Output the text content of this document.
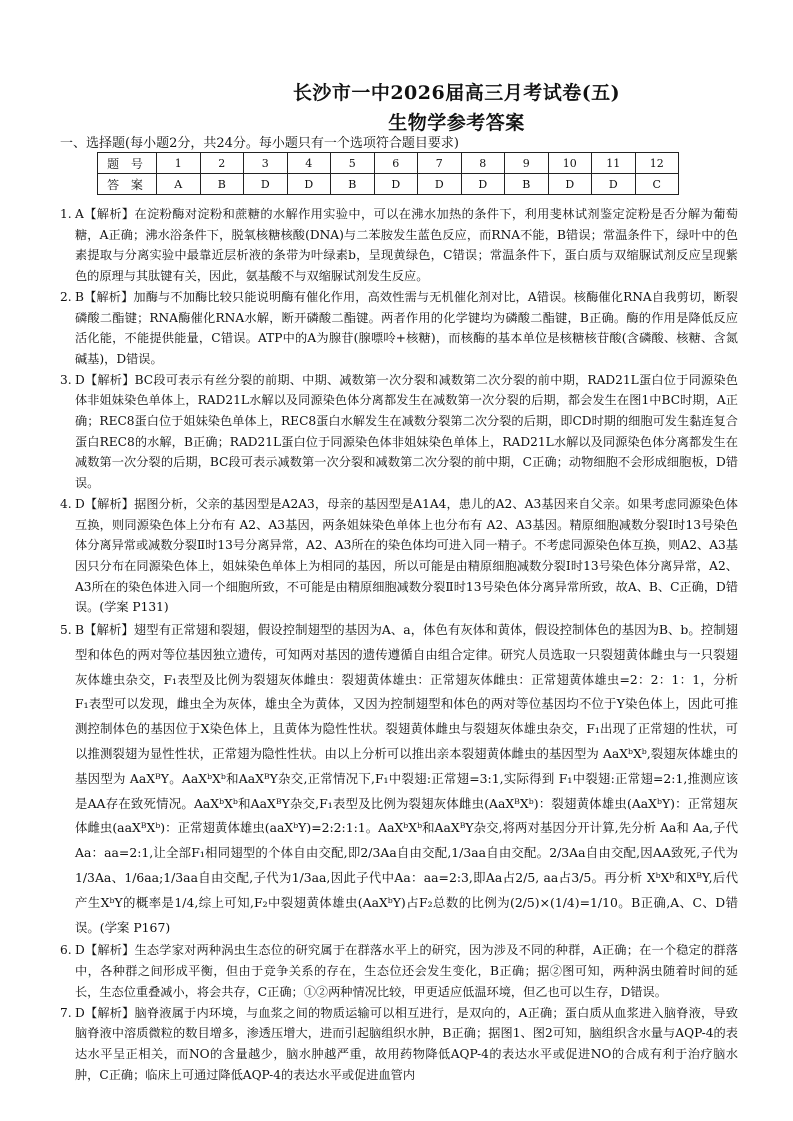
长沙市一中2026届高三月考试卷(五)
生物学参考答案
一、选择题(每小题2分，共24分。每小题只有一个选项符合题目要求)
题 号	1	2	3	4	5	6	7	8	9	10	11	12
答 案	A	B	D	D	B	D	D	D	B	D	D	C
1. A【解析】在淀粉酶对淀粉和蔗糖的水解作用实验中，可以在沸水加热的条件下，利用斐林试剂鉴定淀粉是否分解为葡萄糖，A正确；沸水浴条件下，脱氧核糖核酸(DNA)与二苯胺发生蓝色反应，而RNA不能，B错误；常温条件下，绿叶中的色素提取与分离实验中最靠近层析液的条带为叶绿素b，呈现黄绿色，C错误；常温条件下，蛋白质与双缩脲试剂反应呈现紫色的原理与其肽键有关，因此，氨基酸不与双缩脲试剂发生反应。

2. B【解析】加酶与不加酶比较只能说明酶有催化作用，高效性需与无机催化剂对比，A错误。核酶催化RNA自我剪切，断裂磷酸二酯键；RNA酶催化RNA水解，断开磷酸二酯键。两者作用的化学键均为磷酸二酯键，B正确。酶的作用是降低反应活化能，不能提供能量，C错误。ATP中的A为腺苷(腺嘌呤+核糖)，而核酶的基本单位是核糖核苷酸(含磷酸、核糖、含氮碱基)，D错误。

3. D【解析】BC段可表示有丝分裂的前期、中期、减数第一次分裂和减数第二次分裂的前中期，RAD21L蛋白位于同源染色体非姐妹染色单体上，RAD21L水解以及同源染色体分离都发生在减数第一次分裂的后期，都会发生在图1中BC时期，A正确；REC8蛋白位于姐妹染色单体上，REC8蛋白水解发生在减数分裂第二次分裂的后期，即CD时期的细胞可发生黏连复合蛋白REC8的水解，B正确；RAD21L蛋白位于同源染色体非姐妹染色单体上，RAD21L水解以及同源染色体分离都发生在减数第一次分裂的后期，BC段可表示减数第一次分裂和减数第二次分裂的前中期，C正确；动物细胞不会形成细胞板，D错误。

4. D【解析】据图分析，父亲的基因型是A2A3，母亲的基因型是A1A4，患儿的A2、A3基因来自父亲。如果考虑同源染色体互换，则同源染色体上分布有 A2、A3基因，两条姐妹染色单体上也分布有 A2、A3基因。精原细胞减数分裂Ⅰ时13号染色体分离异常或减数分裂Ⅱ时13号分离异常，A2、A3所在的染色体均可进入同一精子。不考虑同源染色体互换，则A2、A3基因只分布在同源染色体上，姐妹染色单体上为相同的基因，所以可能是由精原细胞减数分裂Ⅰ时13号染色体分离异常，A2、A3所在的染色体进入同一个细胞所致，不可能是由精原细胞减数分裂Ⅱ时13号染色体分离异常所致，故A、B、C正确，D错误。(学案 P131)

5. B【解析】翅型有正常翅和裂翅，假设控制翅型的基因为A、a，体色有灰体和黄体，假设控制体色的基因为B、b。控制翅型和体色的两对等位基因独立遗传，可知两对基因的遗传遵循自由组合定律。研究人员选取一只裂翅黄体雌虫与一只裂翅灰体雄虫杂交，F₁表型及比例为裂翅灰体雌虫：裂翅黄体雄虫：正常翅灰体雌虫：正常翅黄体雄虫=2：2：1：1，分析F₁表型可以发现，雌虫全为灰体，雄虫全为黄体，又因为控制翅型和体色的两对等位基因均不位于Y染色体上，因此可推测控制体色的基因位于X染色体上，且黄体为隐性性状。裂翅黄体雌虫与裂翅灰体雄虫杂交，F₁出现了正常翅的性状，可以推测裂翅为显性性状，正常翅为隐性性状。由以上分析可以推出亲本裂翅黄体雌虫的基因型为 AaXᵇXᵇ,裂翅灰体雄虫的基因型为 AaXᴮY。AaXᵇXᵇ和AaXᴮY杂交,正常情况下,F₁中裂翅:正常翅=3:1,实际得到 F₁中裂翅:正常翅=2:1,推测应该是AA存在致死情况。AaXᵇXᵇ和AaXᴮY杂交,F₁表型及比例为裂翅灰体雌虫(AaXᴮXᵇ)：裂翅黄体雄虫(AaXᵇY)：正常翅灰体雌虫(aaXᴮXᵇ)：正常翅黄体雄虫(aaXᵇY)=2:2:1:1。AaXᵇXᵇ和AaXᴮY杂交,将两对基因分开计算,先分析 Aa和 Aa,子代 Aa：aa=2:1,让全部F₁相同翅型的个体自由交配,即2/3Aa自由交配,1/3aa自由交配。2/3Aa自由交配,因AA致死,子代为1/3Aa、1/6aa;1/3aa自由交配,子代为1/3aa,因此子代中Aa：aa=2:3,即Aa占2/5, aa占3/5。再分析 XᵇXᵇ和XᴮY,后代产生XᵇY的概率是1/4,综上可知,F₂中裂翅黄体雄虫(AaXᵇY)占F₂总数的比例为(2/5)×(1/4)=1/10。B正确,A、C、D错误。(学案 P167)

6. D【解析】生态学家对两种涡虫生态位的研究属于在群落水平上的研究，因为涉及不同的种群，A正确；在一个稳定的群落中，各种群之间形成平衡，但由于竞争关系的存在，生态位还会发生变化，B正确；据②图可知，两种涡虫随着时间的延长，生态位重叠减小，将会共存，C正确；①②两种情况比较，甲更适应低温环境，但乙也可以生存，D错误。

7. D【解析】脑脊液属于内环境，与血浆之间的物质运输可以相互进行，是双向的，A正确；蛋白质从血浆进入脑脊液，导致脑脊液中溶质微粒的数目增多，渗透压增大，进而引起脑组织水肿，B正确；据图1、图2可知，脑组织含水量与AQP-4的表达水平呈正相关，而NO的含量越少，脑水肿越严重，故用药物降低AQP-4的表达水平或促进NO的合成有利于治疗脑水肿，C正确；临床上可通过降低AQP-4的表达水平或促进血管内
